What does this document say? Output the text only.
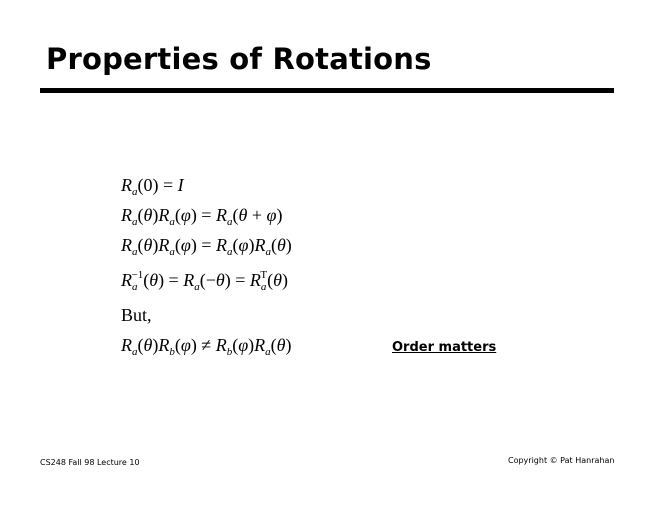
Properties of Rotations
$R_a(0) = I$
$R_a(\theta)R_a(\varphi) = R_a(\theta + \varphi)$
$R_a(\theta)R_a(\varphi) = R_a(\varphi)R_a(\theta)$
$R_a^{-1}(\theta) = R_a(-\theta) = R_a^T(\theta)$
But,
$R_a(\theta)R_b(\varphi) \ne R_b(\varphi)R_a(\theta)$	Order matters
CS248 Fall 98 Lecture 10	Copyright © Pat Hanrahan
